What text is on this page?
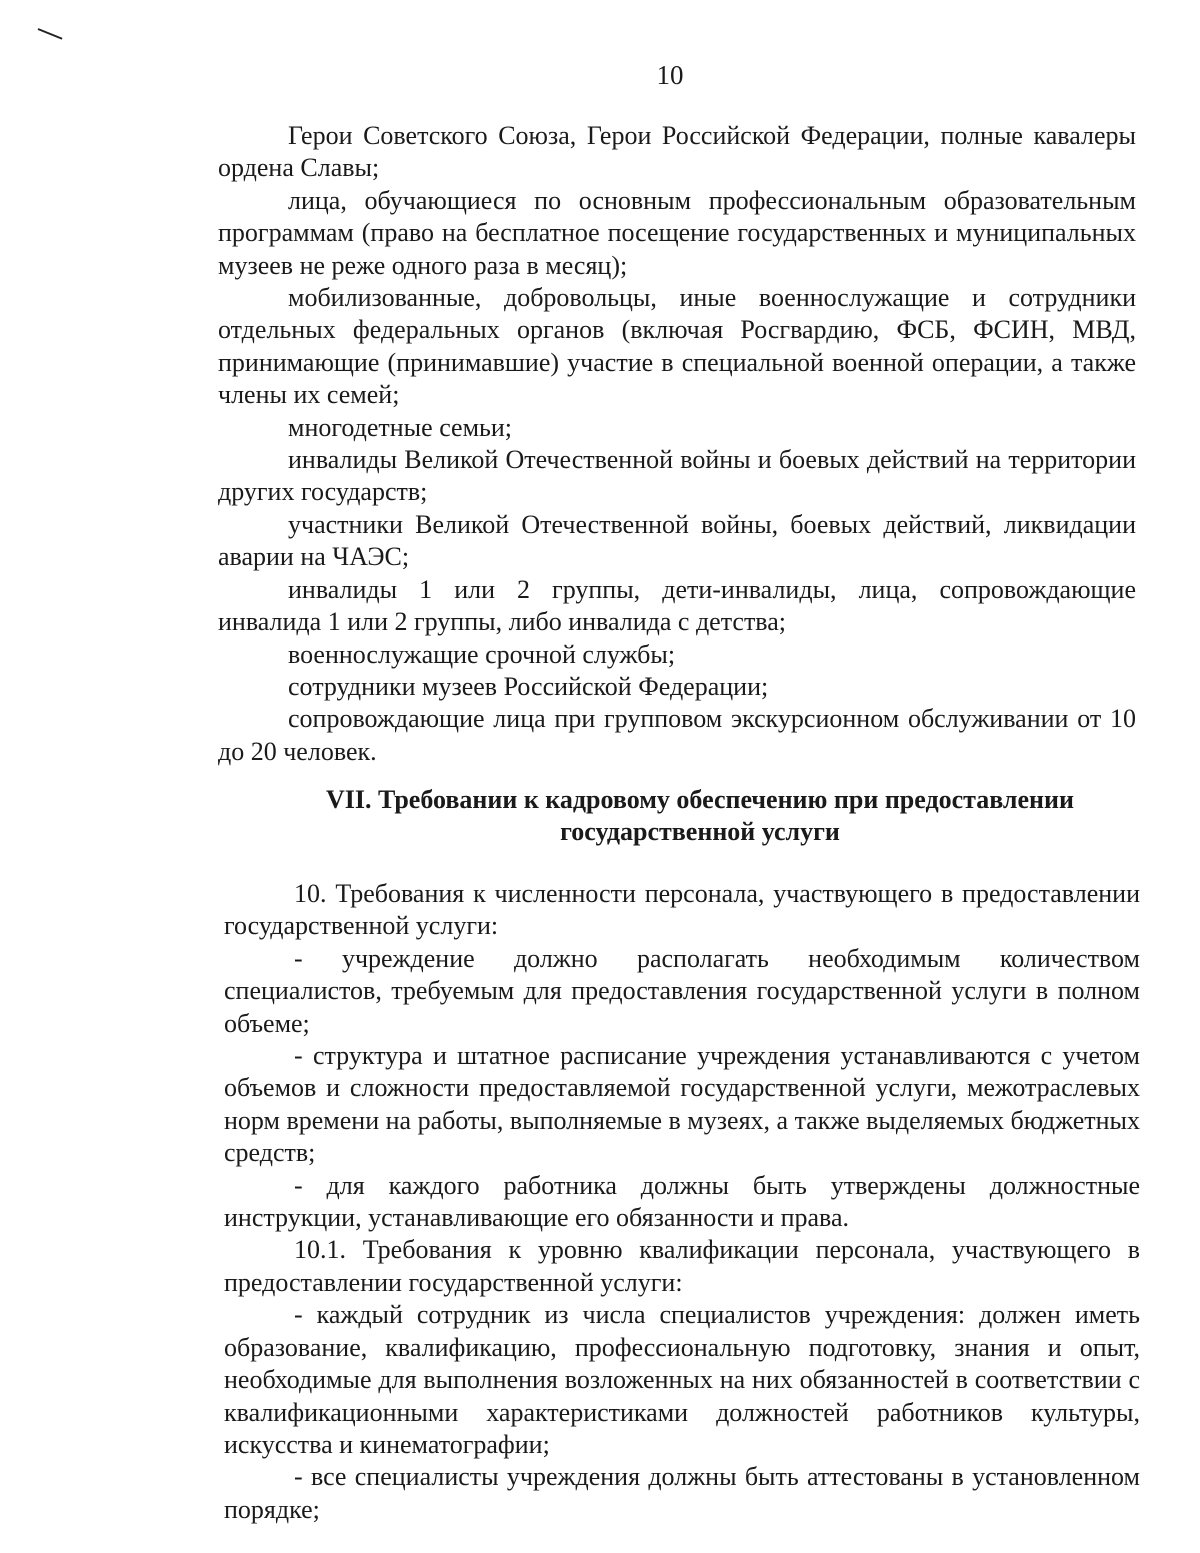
10

Герои Советского Союза, Герои Российской Федерации, полные кавалеры ордена Славы;

лица, обучающиеся по основным профессиональным образовательным программам (право на бесплатное посещение государственных и муниципальных музеев не реже одного раза в месяц);

мобилизованные, добровольцы, иные военнослужащие и сотрудники отдельных федеральных органов (включая Росгвардию, ФСБ, ФСИН, МВД, принимающие (принимавшие) участие в специальной военной операции, а также члены их семей;

многодетные семьи;

инвалиды Великой Отечественной войны и боевых действий на территории других государств;

участники Великой Отечественной войны, боевых действий, ликвидации аварии на ЧАЭС;

инвалиды 1 или 2 группы, дети-инвалиды, лица, сопровождающие инвалида 1 или 2 группы, либо инвалида с детства;

военнослужащие срочной службы;

сотрудники музеев Российской Федерации;

сопровождающие лица при групповом экскурсионном обслуживании от 10 до 20 человек.

VII. Требовании к кадровому обеспечению при предоставлении
государственной услуги

10. Требования к численности персонала, участвующего в предоставлении государственной услуги:

- учреждение должно располагать необходимым количеством специалистов, требуемым для предоставления государственной услуги в полном объеме;

- структура и штатное расписание учреждения устанавливаются с учетом объемов и сложности предоставляемой государственной услуги, межотраслевых норм времени на работы, выполняемые в музеях, а также выделяемых бюджетных средств;

- для каждого работника должны быть утверждены должностные инструкции, устанавливающие его обязанности и права.

10.1. Требования к уровню квалификации персонала, участвующего в предоставлении государственной услуги:

- каждый сотрудник из числа специалистов учреждения: должен иметь образование, квалификацию, профессиональную подготовку, знания и опыт, необходимые для выполнения возложенных на них обязанностей в соответствии с квалификационными характеристиками должностей работников культуры, искусства и кинематографии;

- все специалисты учреждения должны быть аттестованы в установленном порядке;
